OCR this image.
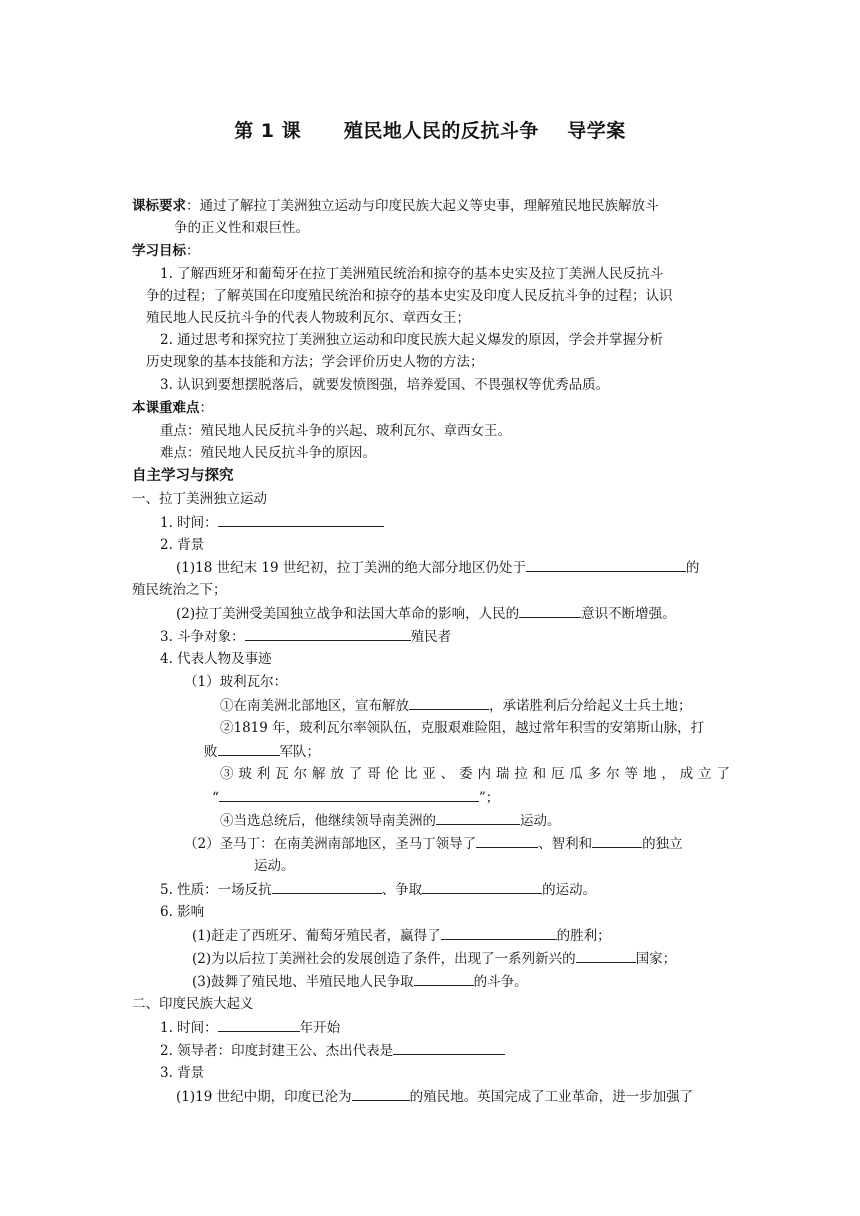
第 1 课      殖民地人民的反抗斗争    导学案
课标要求：通过了解拉丁美洲独立运动与印度民族大起义等史事，理解殖民地民族解放斗
争的正义性和艰巨性。
学习目标：
1. 了解西班牙和葡萄牙在拉丁美洲殖民统治和掠夺的基本史实及拉丁美洲人民反抗斗
争的过程；了解英国在印度殖民统治和掠夺的基本史实及印度人民反抗斗争的过程；认识
殖民地人民反抗斗争的代表人物玻利瓦尔、章西女王；
2. 通过思考和探究拉丁美洲独立运动和印度民族大起义爆发的原因，学会并掌握分析
历史现象的基本技能和方法；学会评价历史人物的方法；
3. 认识到要想摆脱落后，就要发愤图强，培养爱国、不畏强权等优秀品质。
本课重难点：
重点：殖民地人民反抗斗争的兴起、玻利瓦尔、章西女王。
难点：殖民地人民反抗斗争的原因。
自主学习与探究
一、拉丁美洲独立运动
1. 时间：
2. 背景
(1)18 世纪末 19 世纪初，拉丁美洲的绝大部分地区仍处于	的
殖民统治之下；
(2)拉丁美洲受美国独立战争和法国大革命的影响，人民的	意识不断增强。
3. 斗争对象：	殖民者
4. 代表人物及事迹
（1）玻利瓦尔：
①在南美洲北部地区，宣布解放	，承诺胜利后分给起义士兵土地；
②1819 年，玻利瓦尔率领队伍，克服艰难险阻，越过常年积雪的安第斯山脉，打
败	军队；
③玻利瓦尔解放了哥伦比亚、委内瑞拉和厄瓜多尔等地，成立了
“	”；
④当选总统后，他继续领导南美洲的	运动。
（2）圣马丁：在南美洲南部地区，圣马丁领导了	、智利和	的独立
运动。
5. 性质：一场反抗	、争取	的运动。
6. 影响
(1)赶走了西班牙、葡萄牙殖民者，赢得了	的胜利；
(2)为以后拉丁美洲社会的发展创造了条件，出现了一系列新兴的	国家；
(3)鼓舞了殖民地、半殖民地人民争取	的斗争。
二、印度民族大起义
1. 时间：	年开始
2. 领导者：印度封建王公、杰出代表是
3. 背景
(1)19 世纪中期，印度已沦为	的殖民地。英国完成了工业革命，进一步加强了
